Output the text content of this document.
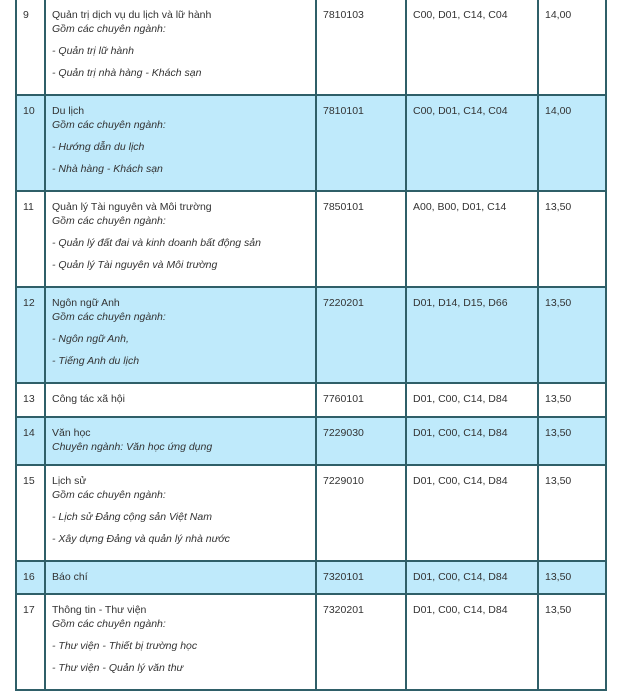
9	Quản trị dịch vụ du lịch và lữ hành
Gồm các chuyên ngành:
- Quản trị lữ hành
- Quản trị nhà hàng - Khách sạn	7810103	C00, D01, C14, C04	14,00
10	Du lịch
Gồm các chuyên ngành:
- Hướng dẫn du lịch
- Nhà hàng - Khách sạn	7810101	C00, D01, C14, C04	14,00
11	Quản lý Tài nguyên và Môi trường
Gồm các chuyên ngành:
- Quản lý đất đai và kinh doanh bất động sản
- Quản lý Tài nguyên và Môi trường	7850101	A00, B00, D01, C14	13,50
12	Ngôn ngữ Anh
Gồm các chuyên ngành:
- Ngôn ngữ Anh,
- Tiếng Anh du lịch	7220201	D01, D14, D15, D66	13,50
13	Công tác xã hội	7760101	D01, C00, C14, D84	13,50
14	Văn học
Chuyên ngành: Văn học ứng dụng	7229030	D01, C00, C14, D84	13,50
15	Lịch sử
Gồm các chuyên ngành:
- Lịch sử Đảng cộng sản Việt Nam
- Xây dựng Đảng và quản lý nhà nước	7229010	D01, C00, C14, D84	13,50
16	Báo chí	7320101	D01, C00, C14, D84	13,50
17	Thông tin - Thư viện
Gồm các chuyên ngành:
- Thư viện - Thiết bị trường học
- Thư viện - Quản lý văn thư	7320201	D01, C00, C14, D84	13,50
